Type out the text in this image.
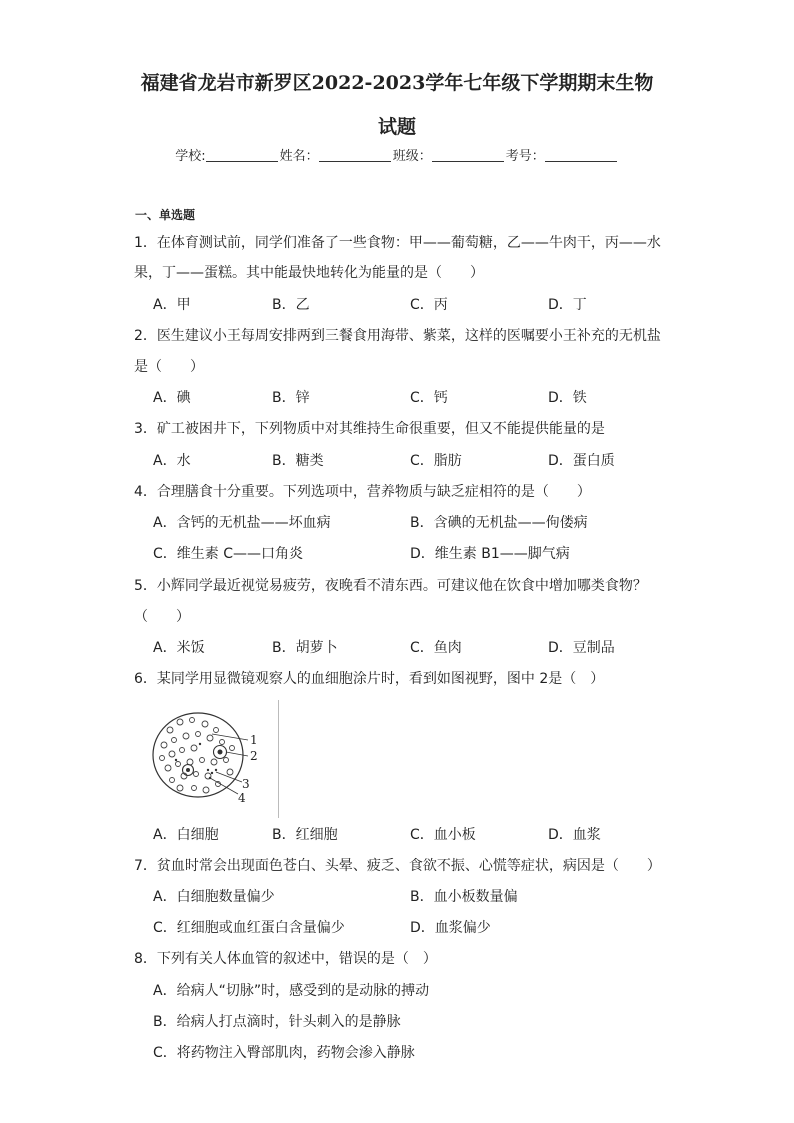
福建省龙岩市新罗区2022-2023学年七年级下学期期末生物
试题
学校:	姓名：	班级：	考号：
一、单选题
1．在体育测试前，同学们准备了一些食物：甲——葡萄糖，乙——牛肉干，丙——水
果，丁——蛋糕。其中能最快地转化为能量的是（　　）
A．甲	B．乙	C．丙	D．丁
2．医生建议小王每周安排两到三餐食用海带、紫菜，这样的医嘱要小王补充的无机盐
是（　　）
A．碘	B．锌	C．钙	D．铁
3．矿工被困井下，下列物质中对其维持生命很重要，但又不能提供能量的是
A．水	B．糖类	C．脂肪	D．蛋白质
4．合理膳食十分重要。下列选项中，营养物质与缺乏症相符的是（　　）
A．含钙的无机盐——坏血病	B．含碘的无机盐——佝偻病
C．维生素 C——口角炎	D．维生素 B1——脚气病
5．小辉同学最近视觉易疲劳，夜晚看不清东西。可建议他在饮食中增加哪类食物？
（　　）
A．米饭	B．胡萝卜	C．鱼肉	D．豆制品
6．某同学用显微镜观察人的血细胞涂片时，看到如图视野，图中 2是（　）
1
2
3
4
A．白细胞	B．红细胞	C．血小板	D．血浆
7．贫血时常会出现面色苍白、头晕、疲乏、食欲不振、心慌等症状，病因是（　　）
A．白细胞数量偏少	B．血小板数量偏
C．红细胞或血红蛋白含量偏少	D．血浆偏少
8．下列有关人体血管的叙述中，错误的是（　）
A．给病人“切脉”时，感受到的是动脉的搏动
B．给病人打点滴时，针头刺入的是静脉
C．将药物注入臀部肌肉，药物会渗入静脉
